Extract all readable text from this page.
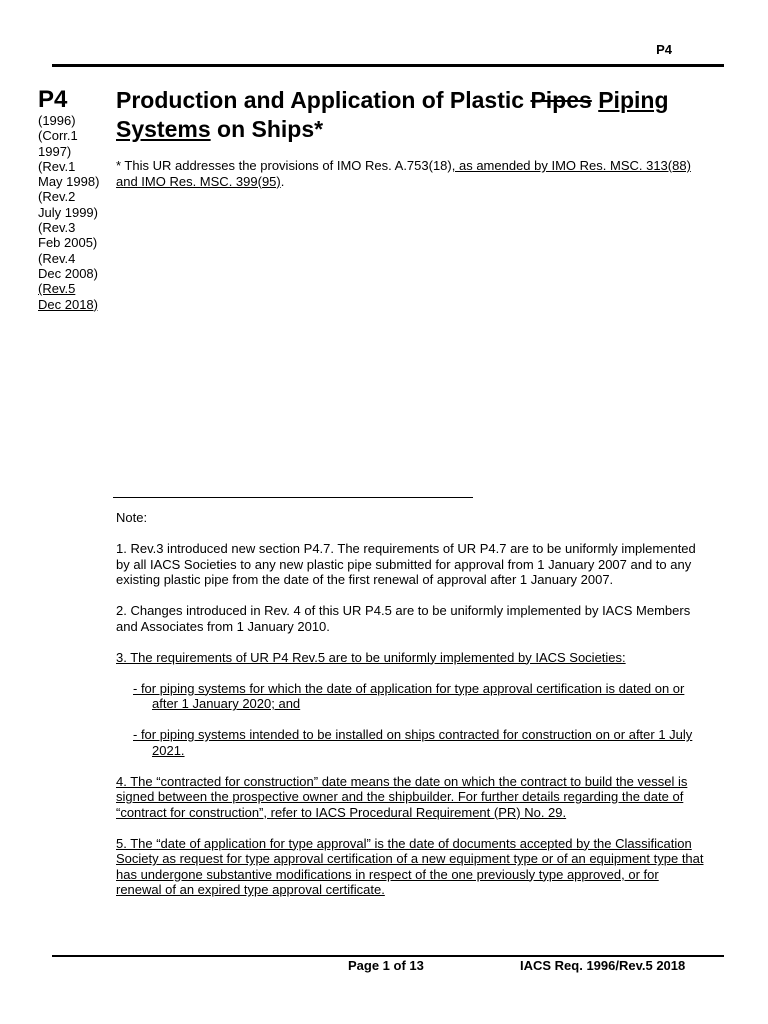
P4
P4
(1996)
(Corr.1
1997)
(Rev.1
May 1998)
(Rev.2
July 1999)
(Rev.3
Feb 2005)
(Rev.4
Dec 2008)
(Rev.5
Dec 2018)
Production and Application of Plastic Pipes Piping Systems on Ships*
* This UR addresses the provisions of IMO Res. A.753(18), as amended by IMO Res. MSC. 313(88) and IMO Res. MSC. 399(95).

Note:

1. Rev.3 introduced new section P4.7. The requirements of UR P4.7 are to be uniformly implemented by all IACS Societies to any new plastic pipe submitted for approval from 1 January 2007 and to any existing plastic pipe from the date of the first renewal of approval after 1 January 2007.

2. Changes introduced in Rev. 4 of this UR P4.5 are to be uniformly implemented by IACS Members and Associates from 1 January 2010.

3. The requirements of UR P4 Rev.5 are to be uniformly implemented by IACS Societies:

- for piping systems for which the date of application for type approval certification is dated on or after 1 January 2020; and

- for piping systems intended to be installed on ships contracted for construction on or after 1 July 2021.

4. The “contracted for construction” date means the date on which the contract to build the vessel is signed between the prospective owner and the shipbuilder. For further details regarding the date of “contract for construction”, refer to IACS Procedural Requirement (PR) No. 29.

5. The “date of application for type approval” is the date of documents accepted by the Classification Society as request for type approval certification of a new equipment type or of an equipment type that has undergone substantive modifications in respect of the one previously type approved, or for renewal of an expired type approval certificate.

Page 1 of 13	IACS Req. 1996/Rev.5 2018
